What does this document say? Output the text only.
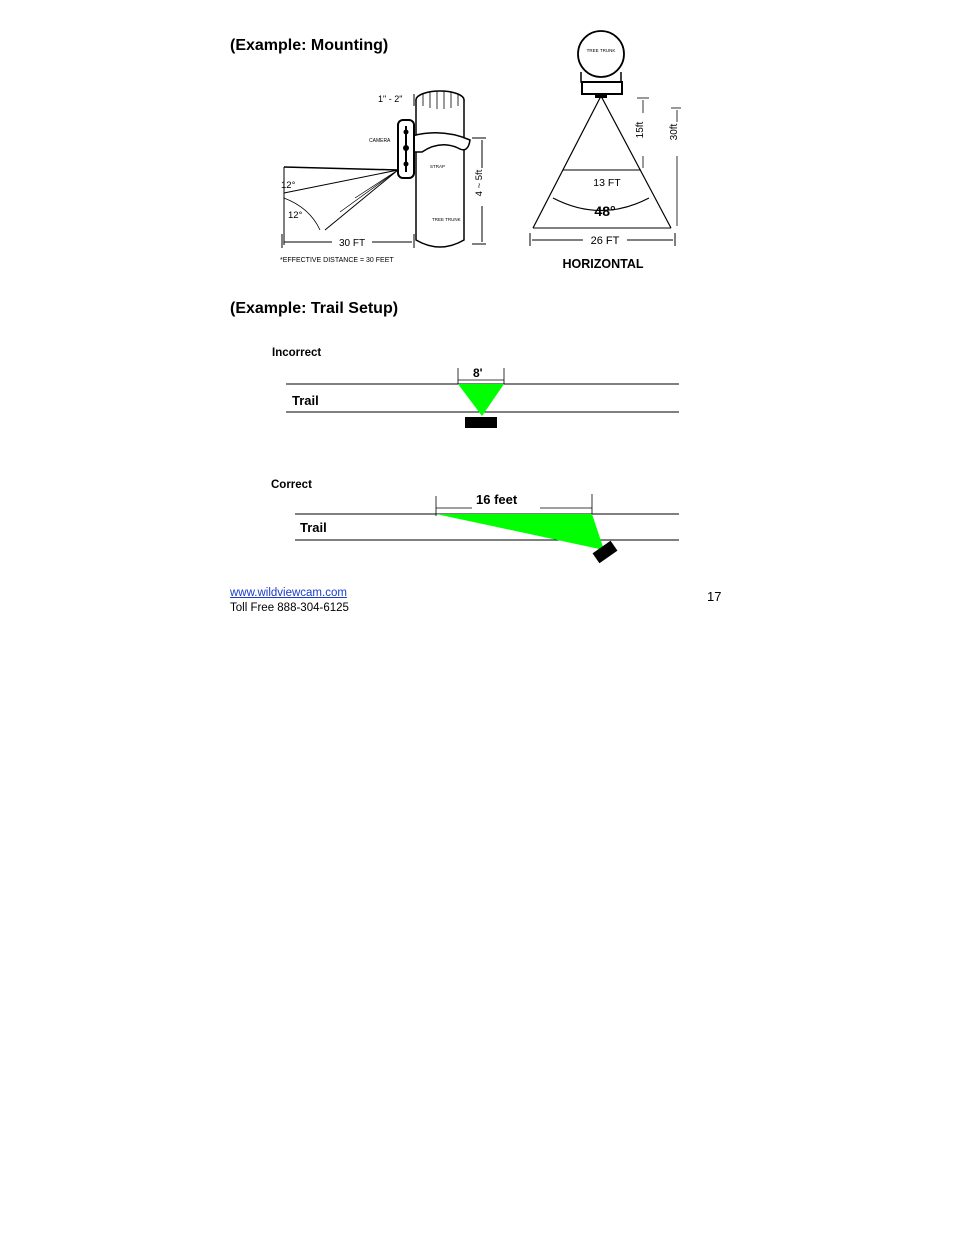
(Example: Mounting)
1" - 2"
CAMERA
STRAP
TREE TRUNK
12°
12°
4 ~ 5ft
30 FT
*EFFECTIVE DISTANCE = 30 FEET
TREE TRUNK
13 FT
48°
15ft 30ft
26 FT
HORIZONTAL
(Example: Trail Setup)
Incorrect
Trail
8'
Correct
Trail
16 feet
www.wildviewcam.com
Toll Free 888-304-6125
17
